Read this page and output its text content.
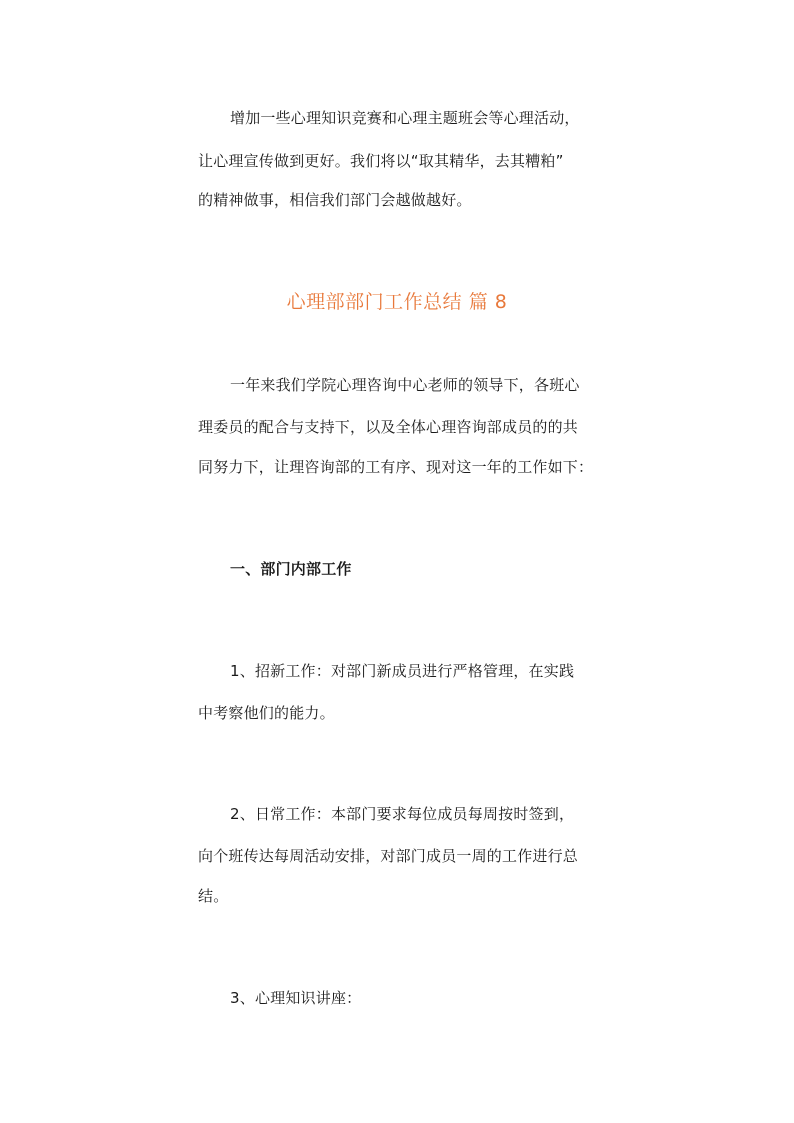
增加一些心理知识竞赛和心理主题班会等心理活动，
让心理宣传做到更好。我们将以“取其精华，去其糟粕”
的精神做事，相信我们部门会越做越好。
心理部部门工作总结 篇 8
一年来我们学院心理咨询中心老师的领导下，各班心
理委员的配合与支持下，以及全体心理咨询部成员的的共
同努力下，让理咨询部的工有序、现对这一年的工作如下：
一、部门内部工作
1、招新工作：对部门新成员进行严格管理，在实践
中考察他们的能力。
2、日常工作：本部门要求每位成员每周按时签到，
向个班传达每周活动安排，对部门成员一周的工作进行总
结。
3、心理知识讲座：
